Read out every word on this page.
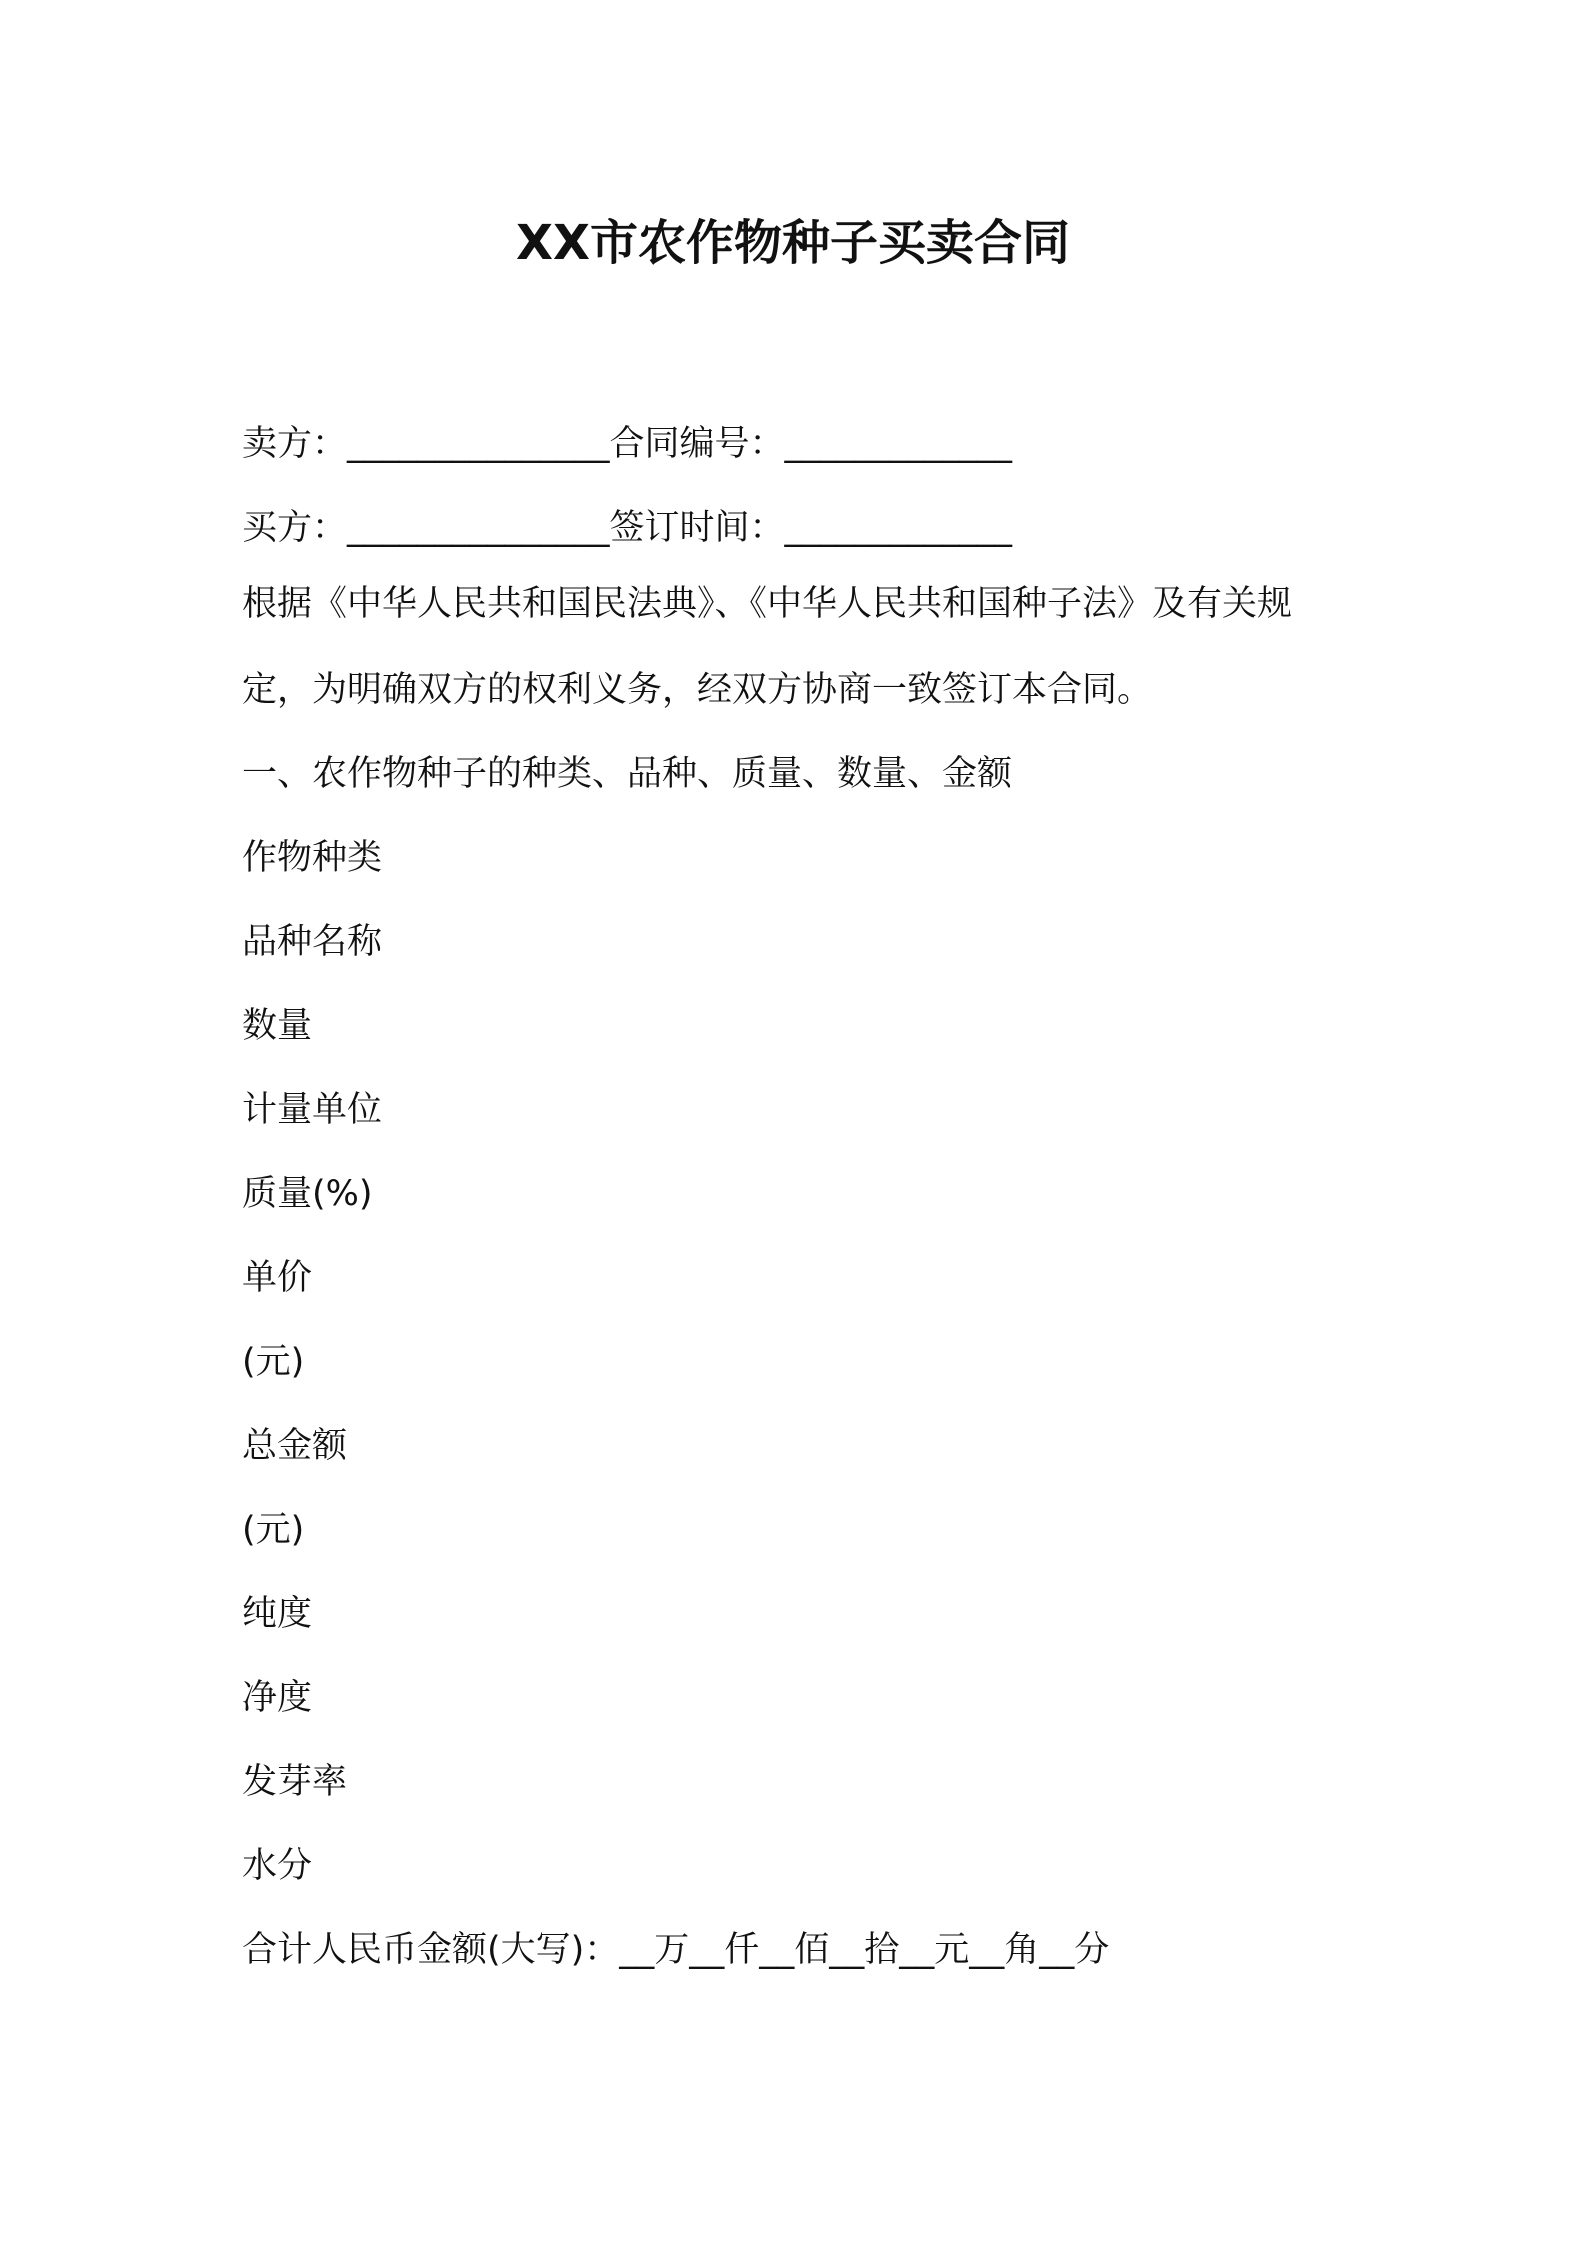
XX市农作物种子买卖合同
卖方：_______________合同编号：_____________
买方：_______________签订时间：_____________
根据《中华人民共和国民法典》、《中华人民共和国种子法》及有关规
定，为明确双方的权利义务，经双方协商一致签订本合同。
一、农作物种子的种类、品种、质量、数量、金额
作物种类
品种名称
数量
计量单位
质量(%)
单价
(元)
总金额
(元)
纯度
净度
发芽率
水分
合计人民币金额(大写)：__万__仟__佰__拾__元__角__分
